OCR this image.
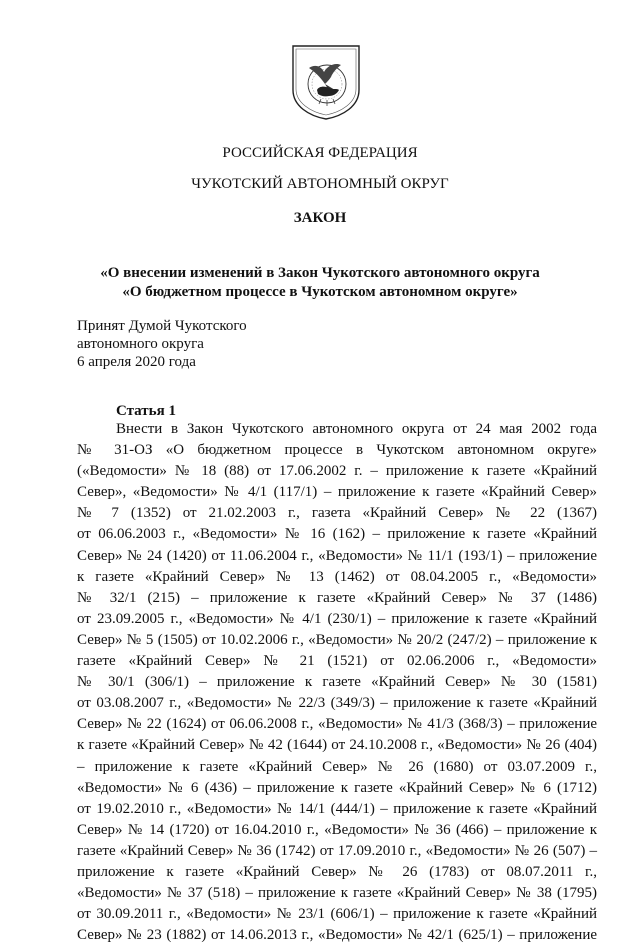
РОССИЙСКАЯ ФЕДЕРАЦИЯ
ЧУКОТСКИЙ АВТОНОМНЫЙ ОКРУГ
ЗАКОН
«О внесении изменений в Закон Чукотского автономного округа
«О бюджетном процессе в Чукотском автономном округе»
Принят Думой Чукотского
автономного округа
6 апреля 2020 года
Статья 1
Внести в Закон Чукотского автономного округа от 24 мая 2002 года
№ 31-ОЗ «О бюджетном процессе в Чукотском автономном округе»
(«Ведомости» № 18 (88) от 17.06.2002 г. – приложение к газете «Крайний
Север», «Ведомости» № 4/1 (117/1) – приложение к газете «Крайний Север»
№ 7 (1352) от 21.02.2003 г., газета «Крайний Север» № 22 (1367)
от 06.06.2003 г., «Ведомости» № 16 (162) – приложение к газете «Крайний
Север» № 24 (1420) от 11.06.2004 г., «Ведомости» № 11/1 (193/1) – приложение
к газете «Крайний Север» № 13 (1462) от 08.04.2005 г., «Ведомости»
№ 32/1 (215) – приложение к газете «Крайний Север» № 37 (1486)
от 23.09.2005 г., «Ведомости» № 4/1 (230/1) – приложение к газете «Крайний
Север» № 5 (1505) от 10.02.2006 г., «Ведомости» № 20/2 (247/2) – приложение к
газете «Крайний Север» № 21 (1521) от 02.06.2006 г., «Ведомости»
№ 30/1 (306/1) – приложение к газете «Крайний Север» № 30 (1581)
от 03.08.2007 г., «Ведомости» № 22/3 (349/3) – приложение к газете «Крайний
Север» № 22 (1624) от 06.06.2008 г., «Ведомости» № 41/3 (368/3) – приложение
к газете «Крайний Север» № 42 (1644) от 24.10.2008 г., «Ведомости» № 26 (404)
– приложение к газете «Крайний Север» № 26 (1680) от 03.07.2009 г.,
«Ведомости» № 6 (436) – приложение к газете «Крайний Север» № 6 (1712)
от 19.02.2010 г., «Ведомости» № 14/1 (444/1) – приложение к газете «Крайний
Север» № 14 (1720) от 16.04.2010 г., «Ведомости» № 36 (466) – приложение к
газете «Крайний Север» № 36 (1742) от 17.09.2010 г., «Ведомости» № 26 (507) –
приложение к газете «Крайний Север» № 26 (1783) от 08.07.2011 г.,
«Ведомости» № 37 (518) – приложение к газете «Крайний Север» № 38 (1795)
от 30.09.2011 г., «Ведомости» № 23/1 (606/1) – приложение к газете «Крайний
Север» № 23 (1882) от 14.06.2013 г., «Ведомости» № 42/1 (625/1) – приложение
